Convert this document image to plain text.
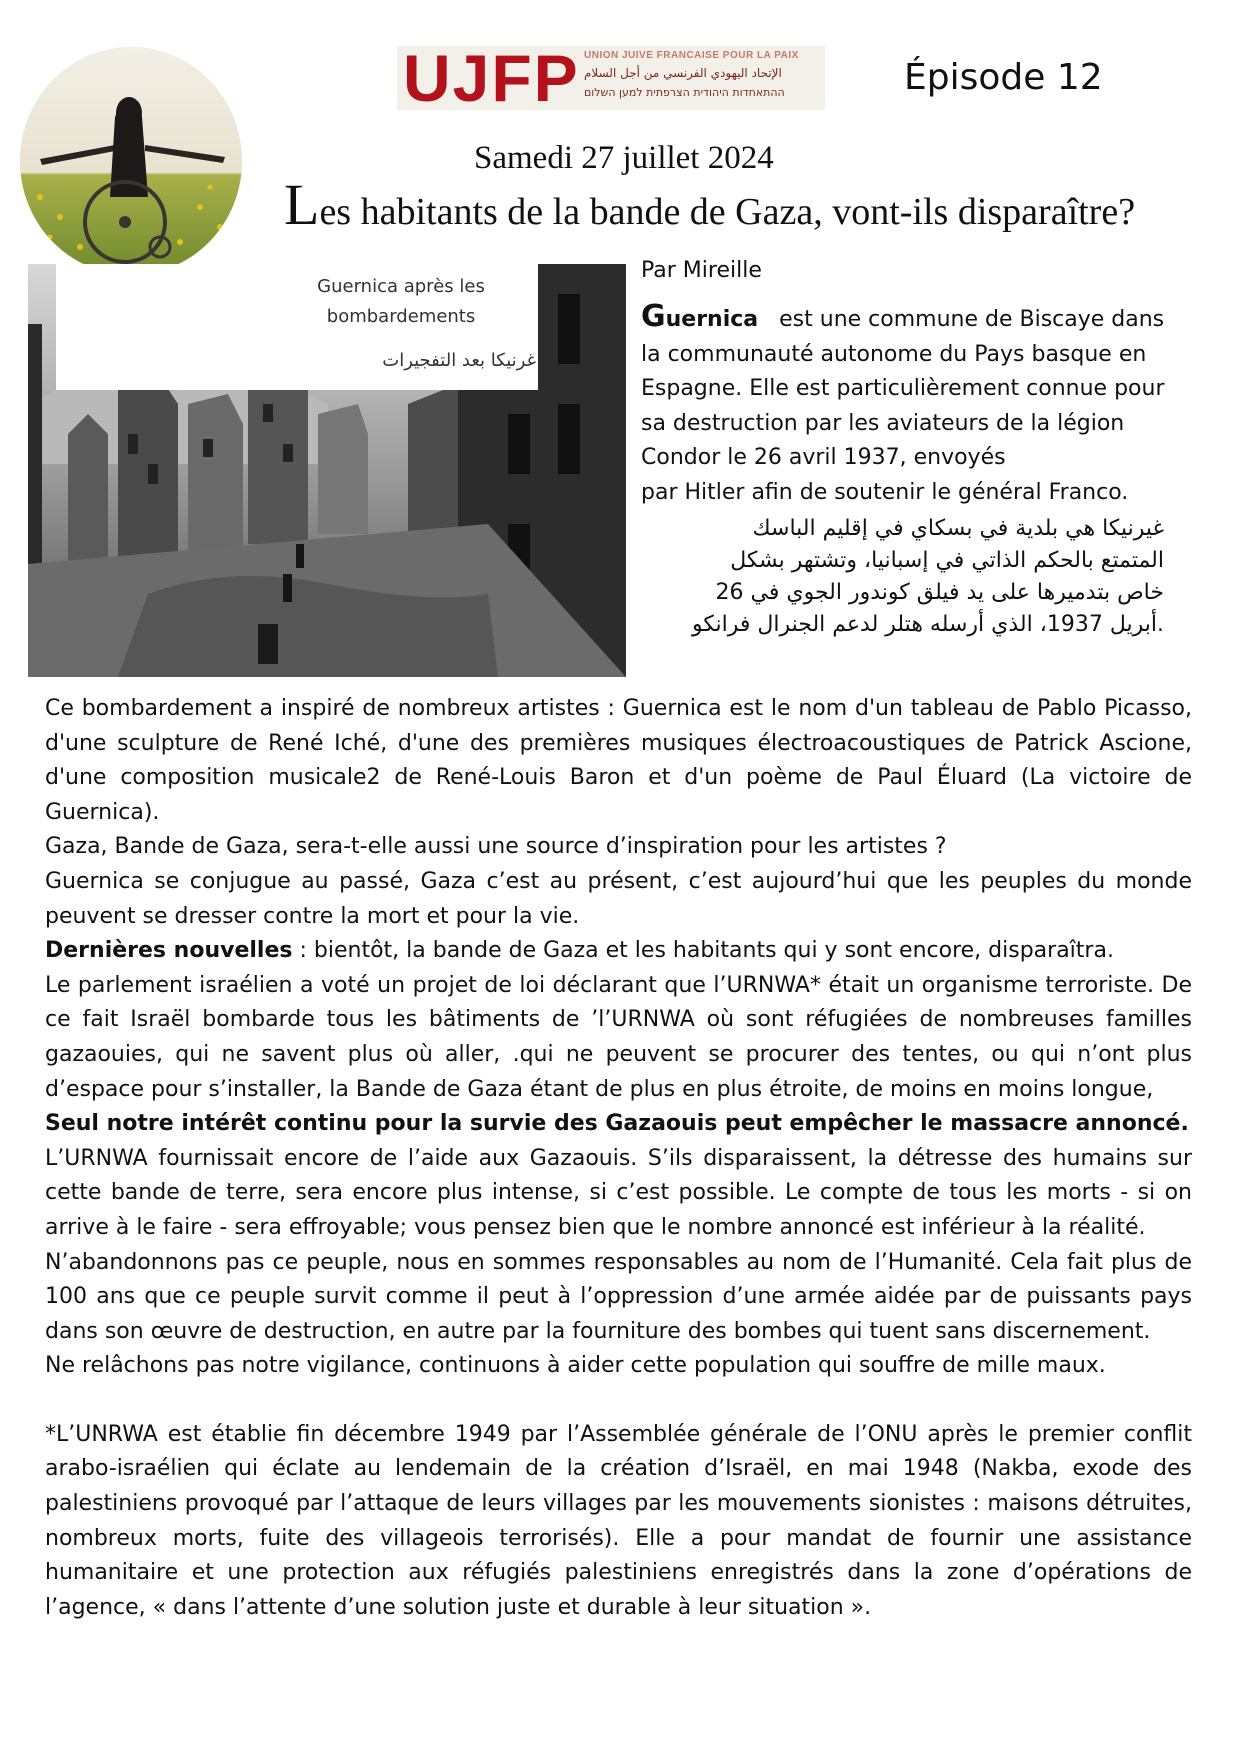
UJFP UNION JUIVE FRANCAISE POUR LA PAIX
الإتحاد اليهودي الفرنسي من أجل السلام
ההתאחדות היהודית הצרפתית למען השלום	Épisode 12
Samedi 27 juillet 2024
Les habitants de la bande de Gaza, vont-ils disparaître?
Guernica après les
bombardements
غرنيكا بعد التفجيرات
Par Mireille
Guernica est une commune de Biscaye dans
la communauté autonome du Pays basque en
Espagne. Elle est particulièrement connue pour
sa destruction par les aviateurs de la légion
Condor le 26 avril 1937, envoyés
par Hitler afin de soutenir le général Franco.
غيرنيكا هي بلدية في بسكاي في إقليم الباسك
المتمتع بالحكم الذاتي في إسبانيا، وتشتهر بشكل
خاص بتدميرها على يد فيلق كوندور الجوي في 26
.أبريل 1937، الذي أرسله هتلر لدعم الجنرال فرانكو

Ce bombardement a inspiré de nombreux artistes : Guernica est le nom d'un tableau de Pablo Picasso, d'une sculpture de René Iché, d'une des premières musiques électroacoustiques de Patrick Ascione, d'une composition musicale2 de René-Louis Baron et d'un poème de Paul Éluard (La victoire de Guernica).

Gaza, Bande de Gaza, sera-t-elle aussi une source d’inspiration pour les artistes ?

Guernica se conjugue au passé, Gaza c’est au présent, c’est aujourd’hui que les peuples du monde peuvent se dresser contre la mort et pour la vie.

Dernières nouvelles : bientôt, la bande de Gaza et les habitants qui y sont encore, disparaîtra.

Le parlement israélien a voté un projet de loi déclarant que l’URNWA* était un organisme terroriste. De ce fait Israël bombarde tous les bâtiments de ’l’URNWA où sont réfugiées de nombreuses familles gazaouies, qui ne savent plus où aller, .qui ne peuvent se procurer des tentes, ou qui n’ont plus d’espace pour s’installer, la Bande de Gaza étant de plus en plus étroite, de moins en moins longue,

Seul notre intérêt continu pour la survie des Gazaouis peut empêcher le massacre annoncé.

L’URNWA fournissait encore de l’aide aux Gazaouis. S’ils disparaissent, la détresse des humains sur cette bande de terre, sera encore plus intense, si c’est possible. Le compte de tous les morts - si on arrive à le faire - sera effroyable; vous pensez bien que le nombre annoncé est inférieur à la réalité.

N’abandonnons pas ce peuple, nous en sommes responsables au nom de l’Humanité. Cela fait plus de 100 ans que ce peuple survit comme il peut à l’oppression d’une armée aidée par de puissants pays dans son œuvre de destruction, en autre par la fourniture des bombes qui tuent sans discernement.

Ne relâchons pas notre vigilance, continuons à aider cette population qui souffre de mille maux.

*L’UNRWA est établie fin décembre 1949 par l’Assemblée générale de l’ONU après le premier conflit arabo-israélien qui éclate au lendemain de la création d’Israël, en mai 1948 (Nakba, exode des palestiniens provoqué par l’attaque de leurs villages par les mouvements sionistes : maisons détruites, nombreux morts, fuite des villageois terrorisés). Elle a pour mandat de fournir une assistance humanitaire et une protection aux réfugiés palestiniens enregistrés dans la zone d’opérations de l’agence, « dans l’attente d’une solution juste et durable à leur situation ».
